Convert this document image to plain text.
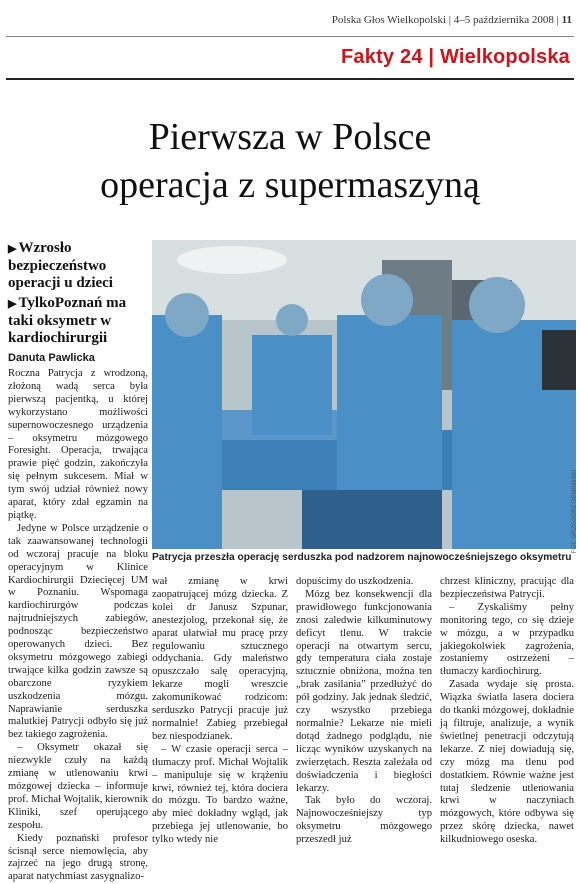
Polska Głos Wielkopolski | 4–5 października 2008 | 11
Fakty 24 | Wielkopolska
Pierwsza w Polsce
operacja z supermaszyną
▶ Wzrosło bezpieczeństwo operacji u dzieci
▶ TylkoPoznań ma taki oksymetr w kardiochirurgii
Danuta Pawlicka
FOT. GRZEGORZ DEMBIŃSKI
Patrycja przeszła operację serduszka pod nadzorem najnowocześniejszego oksymetru

Roczna Patrycja z wrodzoną, złożoną wadą serca była pierwszą pacjentką, u której wykorzystano możliwości supernowoczesnego urządzenia – oksymetru mózgowego Foresight. Operacja, trwająca prawie pięć godzin, zakończyła się pełnym sukcesem. Miał w tym swój udział również nowy aparat, który zdał egzamin na piątkę.

Jedyne w Polsce urządzenie o tak zaawansowanej technologii od wczoraj pracuje na bloku operacyjnym w Klinice Kardiochirurgii Dziecięcej UM w Poznaniu. Wspomaga kardiochirurgów podczas najtrudniejszych zabiegów, podnosząc bezpieczeństwo operowanych dzieci. Bez oksymetru mózgowego zabiegi trwające kilka godzin zawsze są obarczone ryzykiem uszkodzenia mózgu. Naprawianie serduszka malutkiej Patrycji odbyło się już bez takiego zagrożenia.

– Oksymetr okazał się niezwykle czuły na każdą zmianę w utlenowaniu krwi mózgowej dziecka – informuje prof. Michał Wojtalik, kierownik Kliniki, szef operującego zespołu.

Kiedy poznański profesor ścisnął serce niemowlęcia, aby zajrzeć na jego drugą stronę, aparat natychmiast zasygnalizo-

wał zmianę w krwi zaopatrującej mózg dziecka. Z kolei dr Janusz Szpunar, anestezjolog, przekonał się, że aparat ułatwiał mu pracę przy regulowaniu sztucznego oddychania. Gdy maleństwo opuszczało salę operacyjną, lekarze mogli wreszcie zakomunikować rodzicom: serduszko Patrycji pracuje już normalnie! Zabieg przebiegał bez niespodzianek.

– W czasie operacji serca – tłumaczy prof. Michał Wojtalik – manipuluje się w krążeniu krwi, również tej, która dociera do mózgu. To bardzo ważne, aby mieć dokładny wgląd, jak przebiega jej utlenowanie, bo tylko wtedy nie

dopuścimy do uszkodzenia.

Mózg bez konsekwencji dla prawidłowego funkcjonowania znosi zaledwie kilkuminutowy deficyt tlenu. W trakcie operacji na otwartym sercu, gdy temperatura ciała zostaje sztucznie obniżona, można ten „brak zasilania” przedłużyć do pół godziny. Jak jednak śledzić, czy wszystko przebiega normalnie? Lekarze nie mieli dotąd żadnego podglądu, nie licząc wyników uzyskanych na zwierzętach. Reszta zależała od doświadczenia i biegłości lekarzy.

Tak było do wczoraj. Najnowocześniejszy typ oksymetru mózgowego przeszedł już

chrzest kliniczny, pracując dla bezpieczeństwa Patrycji.

– Zyskaliśmy pełny monitoring tego, co się dzieje w mózgu, a w przypadku jakiegokolwiek zagrożenia, zostaniemy ostrzeżeni – tłumaczy kardiochirurg.

Zasada wydaje się prosta. Wiązka światła lasera dociera do tkanki mózgowej, dokładnie ją filtruje, analizuje, a wynik świetlnej penetracji odczytują lekarze. Z niej dowiadują się, czy mózg ma tlenu pod dostatkiem. Równie ważne jest tutaj śledzenie utlenowania krwi w naczyniach mózgowych, które odbywa się przez skórę dziecka, nawet kilkudniowego oseska.
